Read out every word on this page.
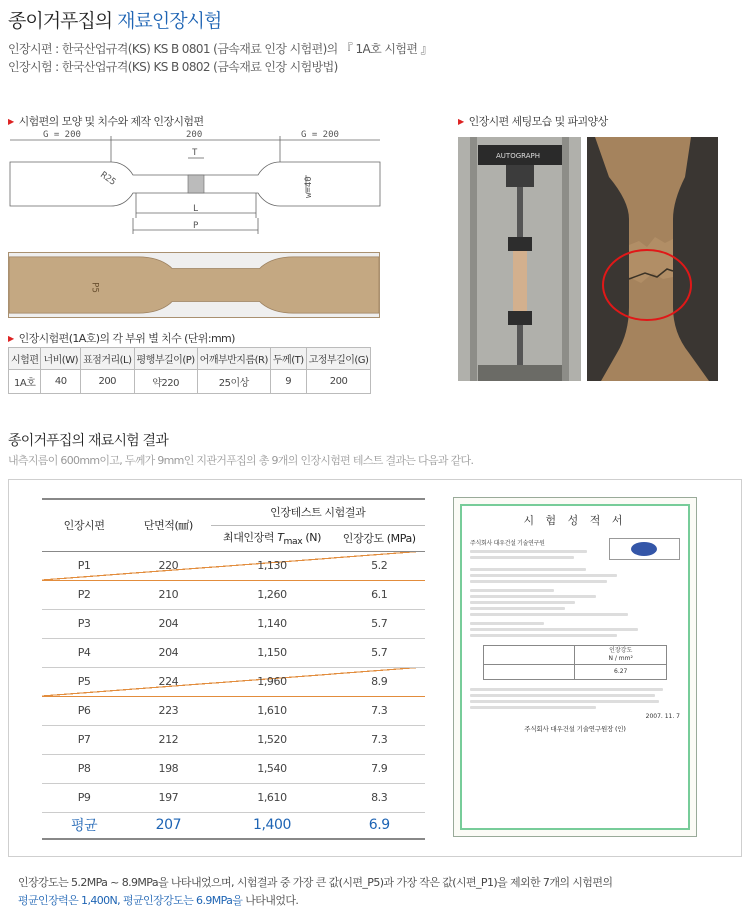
종이거푸집의 재료인장시험
인장시편 : 한국산업규격(KS) KS B 0801 (금속재료 인장 시험편)의 『 1A호 시험편 』
인장시험 : 한국산업규격(KS) KS B 0802 (금속재료 인장 시험방법)
▶ 시험편의 모양 및 치수와 제작 인장시험편
G = 200	200	G = 200
T
R25
L
w=40
P
P5
▶ 인장시험편(1A호)의 각 부위 별 치수 (단위:mm)
시험편	너비(W)	표점거리(L)	평행부길이(P)	어깨부반지름(R)	두께(T)	고정부길이(G)
1A호	40	200	약220	25이상	9	200
▶ 인장시편 세팅모습 및 파괴양상
AUTOGRAPH
종이거푸집의 재료시험 결과
내측지름이 600mm이고, 두께가 9mm인 지관거푸집의 총 9개의 인장시험편 테스트 결과는 다음과 같다.
인장시편	단면적(㎟)	인장테스트 시험결과	
		최대인장력 $T_{max}$ (N)	인장강도 (MPa)
P1	220	1,130	5.2
P2	210	1,260	6.1
P3	204	1,140	5.7
P4	204	1,150	5.7
P5	224	1,960	8.9
P6	223	1,610	7.3
P7	212	1,520	7.3
P8	198	1,540	7.9
P9	197	1,610	8.3
평균	207	1,400	6.9
시 험 성 적 서
주식회사 대우건설 기술연구원
인장강도
N / mm²
6.27
2007. 11. 7
주식회사 대우건설 기술연구원장 (인)
인장강도는 5.2MPa ~ 8.9MPa을 나타내었으며, 시험결과 중 가장 큰 값(시편_P5)과 가장 작은 값(시편_P1)을 제외한 7개의 시험편의
평균인장력은 1,400N, 평균인장강도는 6.9MPa을 나타내었다.
